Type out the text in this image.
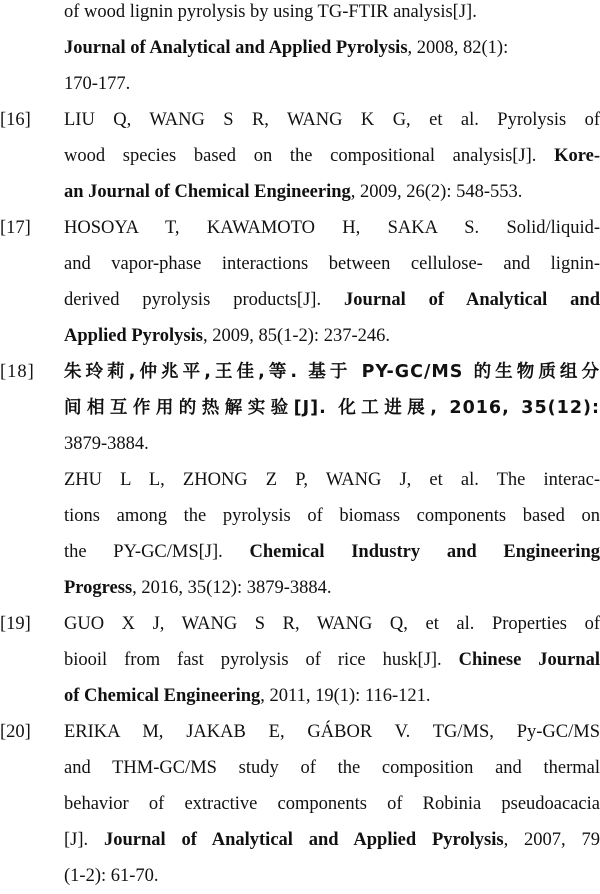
of wood lignin pyrolysis by using TG-FTIR analysis[J].
Journal of Analytical and Applied Pyrolysis, 2008, 82(1):
170-177.
[16] LIU Q, WANG S R, WANG K G, et al. Pyrolysis of
wood species based on the compositional analysis[J]. Kore-
an Journal of Chemical Engineering, 2009, 26(2): 548-553.
[17] HOSOYA T, KAWAMOTO H, SAKA S. Solid/liquid-
and vapor-phase interactions between cellulose- and lignin-
derived pyrolysis products[J]. Journal of Analytical and
Applied Pyrolysis, 2009, 85(1-2): 237-246.
[18] 朱玲莉,仲兆平,王佳,等. 基于 PY-GC/MS 的生物质组分
间相互作用的热解实验[J]. 化工进展, 2016, 35(12):
3879-3884.
ZHU L L, ZHONG Z P, WANG J, et al. The interac-
tions among the pyrolysis of biomass components based on
the PY-GC/MS[J]. Chemical Industry and Engineering
Progress, 2016, 35(12): 3879-3884.
[19] GUO X J, WANG S R, WANG Q, et al. Properties of
biooil from fast pyrolysis of rice husk[J]. Chinese Journal
of Chemical Engineering, 2011, 19(1): 116-121.
[20] ERIKA M, JAKAB E, GÁBOR V. TG/MS, Py-GC/MS
and THM-GC/MS study of the composition and thermal
behavior of extractive components of Robinia pseudoacacia
[J]. Journal of Analytical and Applied Pyrolysis, 2007, 79
(1-2): 61-70.
